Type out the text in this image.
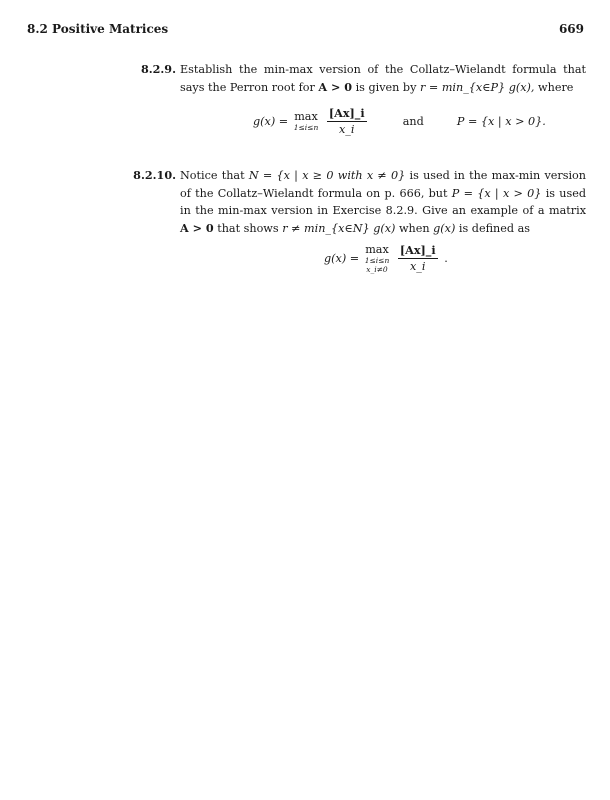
8.2 Positive Matrices	669
8.2.9. Establish the min-max version of the Collatz–Wielandt formula that says the Perron root for A > 0 is given by r = min_{x∈P} g(x), where
g(x) = max
1≤i≤n
$\frac{[Ax]\_i}{x\_i}$	and	P = {x | x > 0}.
8.2.10. Notice that N = {x | x ≥ 0 with x ≠ 0} is used in the max-min version of the Collatz–Wielandt formula on p. 666, but P = {x | x > 0} is used in the min-max version in Exercise 8.2.9. Give an example of a matrix A > 0 that shows r ≠ min_{x∈N} g(x) when g(x) is defined as
g(x) =
max
1≤i≤n
x_i≠0
$\frac{[Ax]\_i}{x\_i}$ .
